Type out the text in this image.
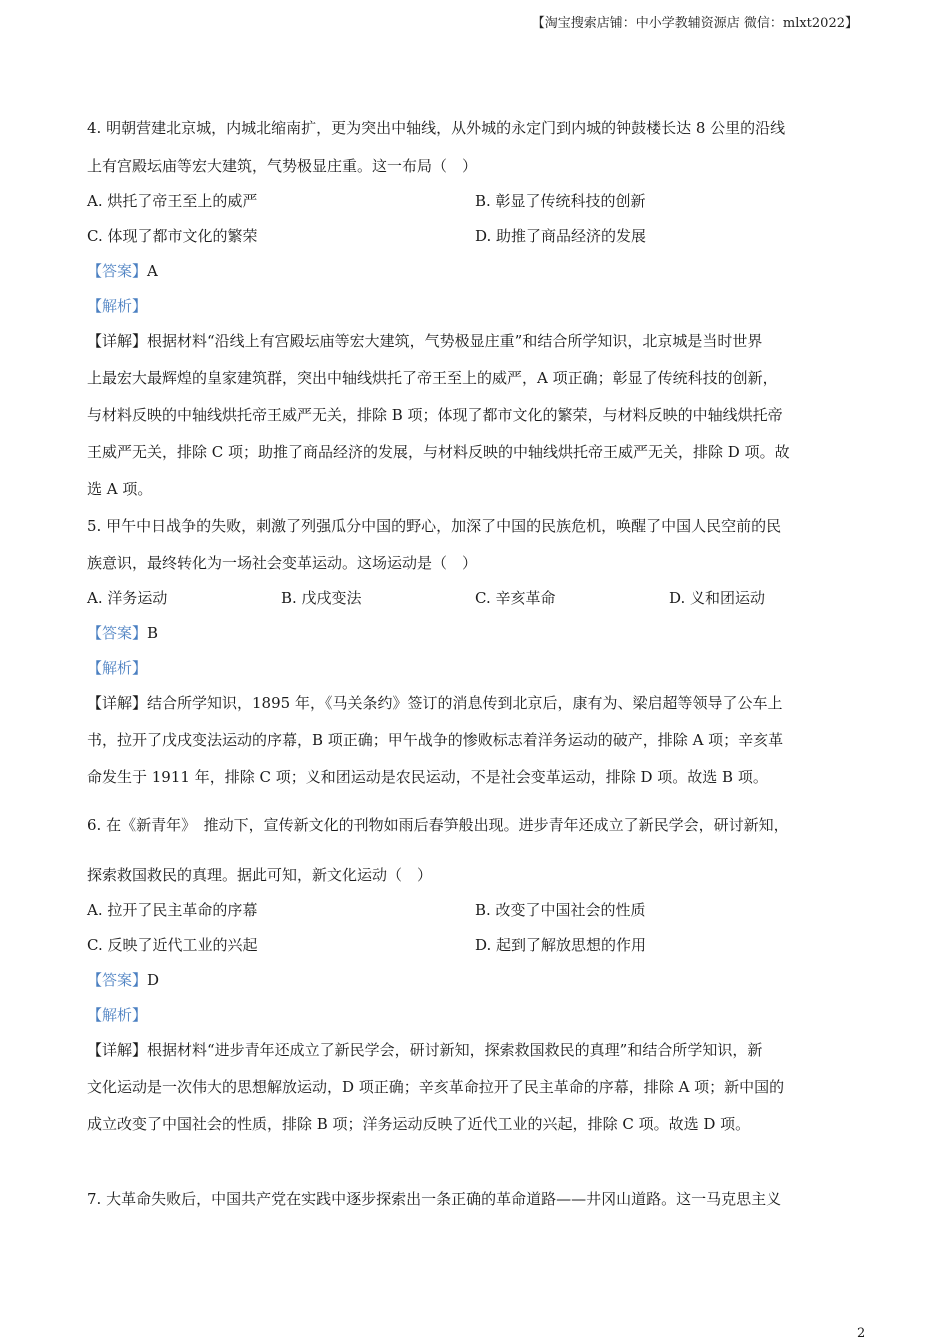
【淘宝搜索店铺：中小学教辅资源店 微信：mlxt2022】
4. 明朝营建北京城，内城北缩南扩，更为突出中轴线，从外城的永定门到内城的钟鼓楼长达 8 公里的沿线
上有宫殿坛庙等宏大建筑，气势极显庄重。这一布局（　）
A. 烘托了帝王至上的威严	B. 彰显了传统科技的创新
C. 体现了都市文化的繁荣	D. 助推了商品经济的发展
【答案】A
【解析】
【详解】根据材料“沿线上有宫殿坛庙等宏大建筑，气势极显庄重”和结合所学知识，北京城是当时世界
上最宏大最辉煌的皇家建筑群，突出中轴线烘托了帝王至上的威严，A 项正确；彰显了传统科技的创新，
与材料反映的中轴线烘托帝王威严无关，排除 B 项；体现了都市文化的繁荣，与材料反映的中轴线烘托帝
王威严无关，排除 C 项；助推了商品经济的发展，与材料反映的中轴线烘托帝王威严无关，排除 D 项。故
选 A 项。
5. 甲午中日战争的失败，刺激了列强瓜分中国的野心，加深了中国的民族危机，唤醒了中国人民空前的民
族意识，最终转化为一场社会变革运动。这场运动是（　）
A. 洋务运动	B. 戊戌变法	C. 辛亥革命	D. 义和团运动
【答案】B
【解析】
【详解】结合所学知识，1895 年，《马关条约》签订的消息传到北京后，康有为、梁启超等领导了公车上
书，拉开了戊戌变法运动的序幕，B 项正确；甲午战争的惨败标志着洋务运动的破产，排除 A 项；辛亥革
命发生于 1911 年，排除 C 项；义和团运动是农民运动，不是社会变革运动，排除 D 项。故选 B 项。
6. 在《新青年》　推动下，宣传新文化的刊物如雨后春笋般出现。进步青年还成立了新民学会，研讨新知，
探索救国救民的真理。据此可知，新文化运动（　）
A. 拉开了民主革命的序幕	B. 改变了中国社会的性质
C. 反映了近代工业的兴起	D. 起到了解放思想的作用
【答案】D
【解析】
【详解】根据材料“进步青年还成立了新民学会，研讨新知，探索救国救民的真理”和结合所学知识，新
文化运动是一次伟大的思想解放运动，D 项正确；辛亥革命拉开了民主革命的序幕，排除 A 项；新中国的
成立改变了中国社会的性质，排除 B 项；洋务运动反映了近代工业的兴起，排除 C 项。故选 D 项。
7. 大革命失败后，中国共产党在实践中逐步探索出一条正确的革命道路——井冈山道路。这一马克思主义
2
